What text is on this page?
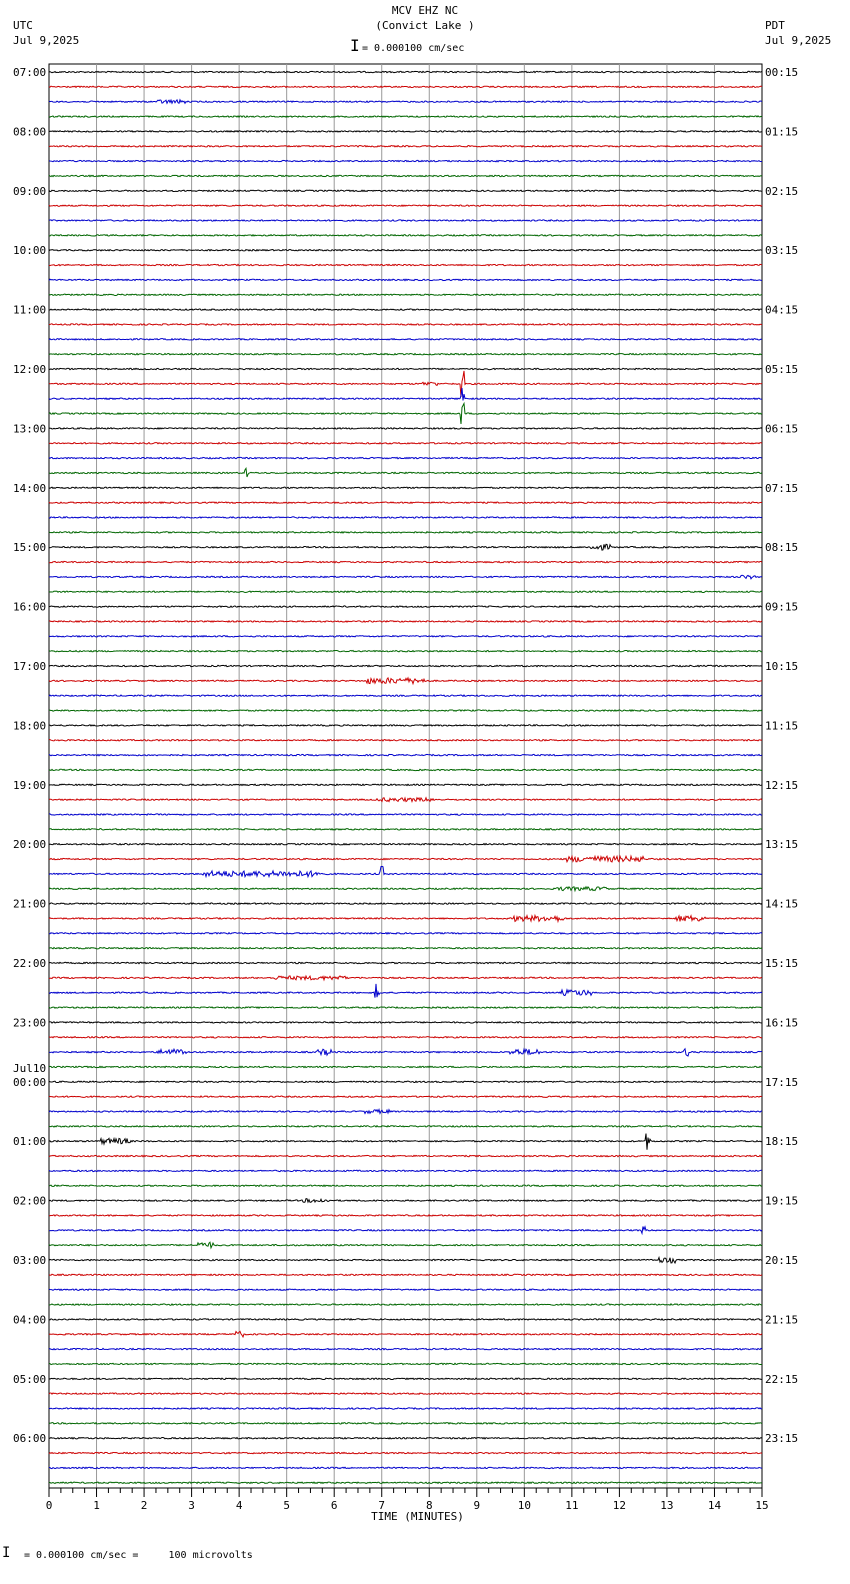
MCV EHZ NC
(Convict Lake )
UTC
Jul 9,2025
PDT
Jul 9,2025
I = 0.000100 cm/sec
07:00
08:00
09:00
10:00
11:00
12:00
13:00
14:00
15:00
16:00
17:00
18:00
19:00
20:00
21:00
22:00
23:00
00:00
01:00
02:00
03:00
04:00
05:00
06:00
Jul10
00:15
01:15
02:15
03:15
04:15
05:15
06:15
07:15
08:15
09:15
10:15
11:15
12:15
13:15
14:15
15:15
16:15
17:15
18:15
19:15
20:15
21:15
22:15
23:15
0	1	2	3	4	5	6	7	8	9	10	11	12	13	14	15
TIME (MINUTES)
I = 0.000100 cm/sec =     100 microvolts
